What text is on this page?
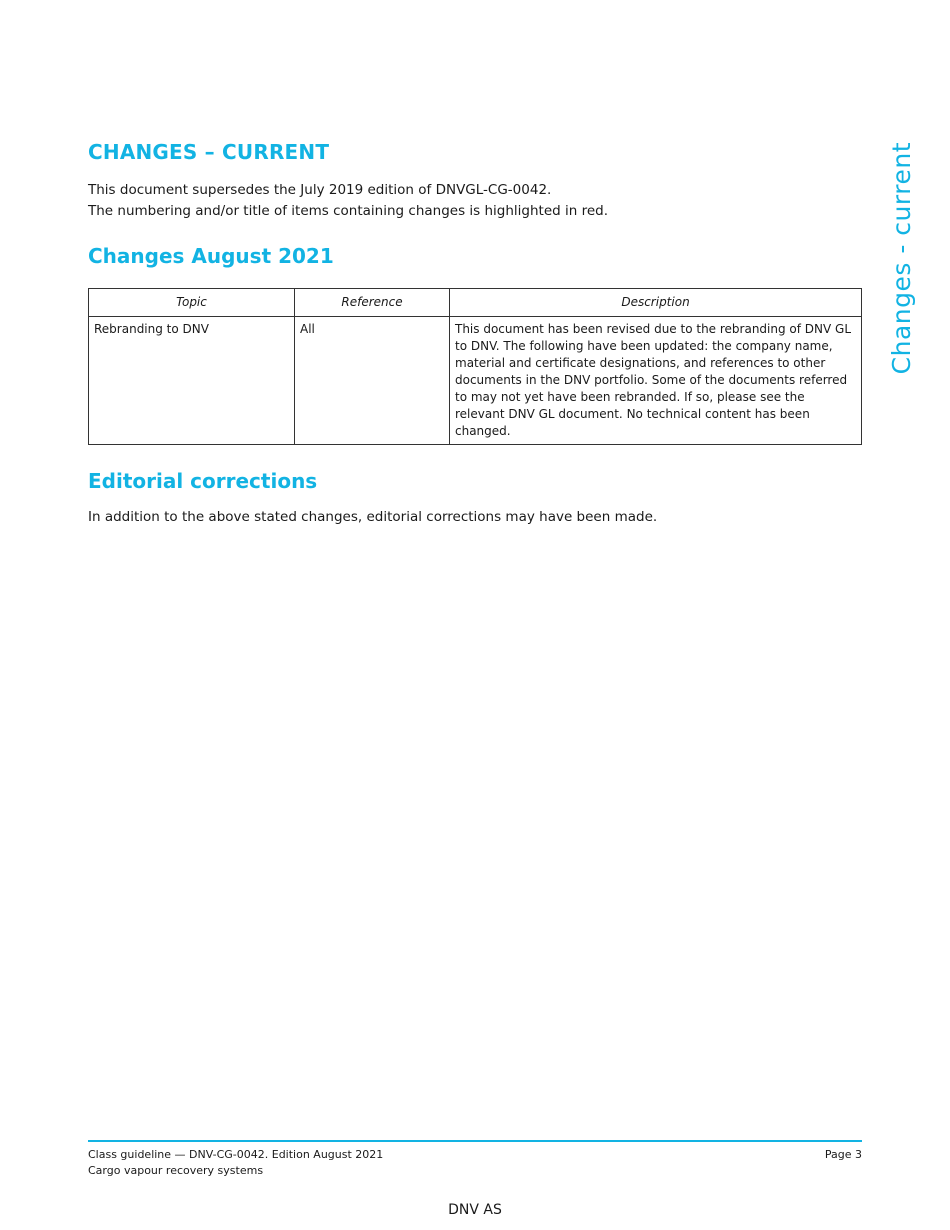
CHANGES – CURRENT

This document supersedes the July 2019 edition of DNVGL-CG-0042.

The numbering and/or title of items containing changes is highlighted in red.

Changes August 2021
Topic	Reference	Description
Rebranding to DNV	All	This document has been revised due to the rebranding of DNV GL to DNV. The following have been updated: the company name, material and certificate designations, and references to other documents in the DNV portfolio. Some of the documents referred to may not yet have been rebranded. If so, please see the relevant DNV GL document. No technical content has been changed.
Editorial corrections

In addition to the above stated changes, editorial corrections may have been made.

Changes - current
Class guideline — DNV-CG-0042. Edition August 2021
Cargo vapour recovery systems
Page 3
DNV AS
